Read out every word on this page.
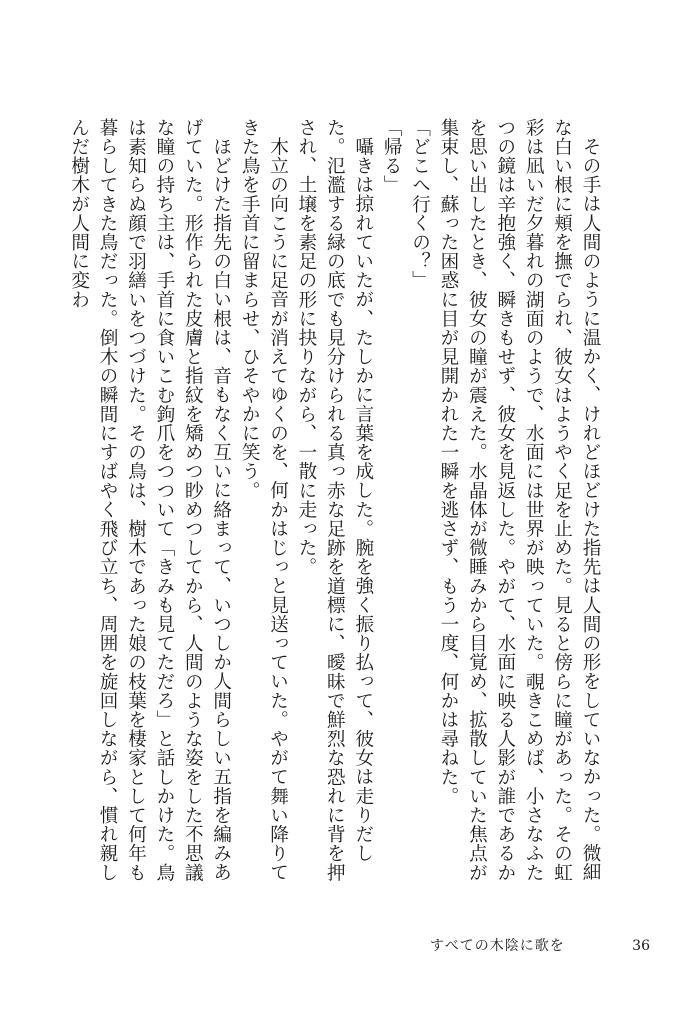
その手は人間のように温かく、けれどほどけた指先は人間の形をしていなかった。微細な白い根に頬を撫でられ、彼女はようやく足を止めた。見ると傍らに瞳があった。その虹彩は凪いだ夕暮れの湖面のようで、水面には世界が映っていた。覗きこめば、小さなふたつの鏡は辛抱強く、瞬きもせず、彼女を見返した。やがて、水面に映る人影が誰であるかを思い出したとき、彼女の瞳が震えた。水晶体が微睡みから目覚め、拡散していた焦点が集束し、蘇った困惑に目が見開かれた一瞬を逃さず、もう一度、何かは尋ねた。

「どこへ行くの？」

「帰る」

囁きは掠れていたが、たしかに言葉を成した。腕を強く振り払って、彼女は走りだした。氾濫する緑の底でも見分けられる真っ赤な足跡を道標に、曖昧で鮮烈な恐れに背を押され、土壌を素足の形に抉りながら、一散に走った。

木立の向こうに足音が消えてゆくのを、何かはじっと見送っていた。やがて舞い降りてきた鳥を手首に留まらせ、ひそやかに笑う。

ほどけた指先の白い根は、音もなく互いに絡まって、いつしか人間らしい五指を編みあげていた。形作られた皮膚と指紋を矯めつ眇めつしてから、人間のような姿をした不思議な瞳の持ち主は、手首に食いこむ鉤爪をつついて「きみも見てただろ」と話しかけた。鳥は素知らぬ顔で羽繕いをつづけた。その鳥は、樹木であった娘の枝葉を棲家として何年も暮らしてきた鳥だった。倒木の瞬間にすばやく飛び立ち、周囲を旋回しながら、慣れ親しんだ樹木が人間に変わ

すべての木陰に歌を	36
